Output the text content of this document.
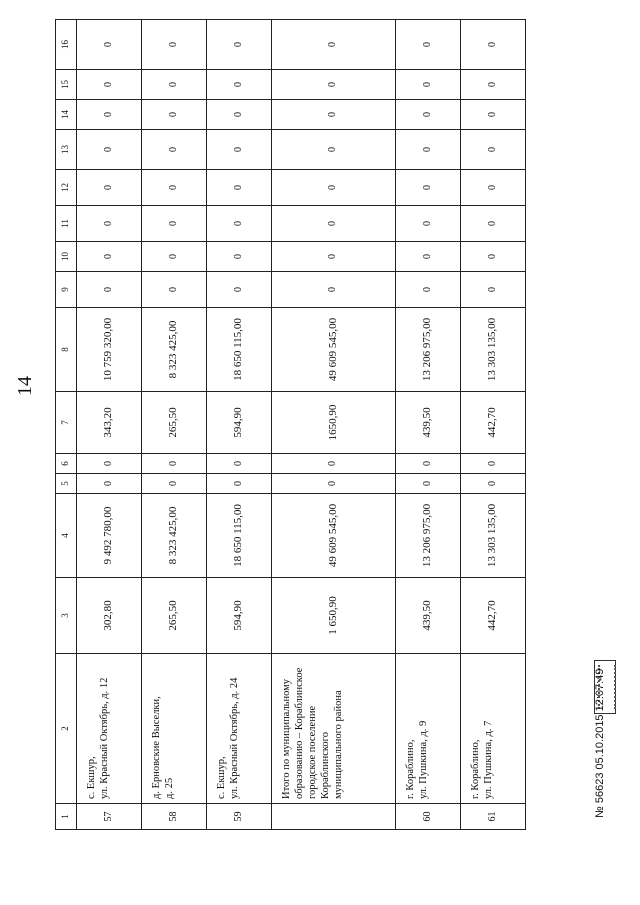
14
1	2	3	4	5	6	7	8	9	10	11	12	13	14	15	16
57	с. Екшур,
ул. Красный Октябрь, д. 12	302,80	9 492 780,00	0	0	343,20	10 759 320,00	0	0	0	0	0	0	0	0
58	д. Ерновские Выселки,
д. 25	265,50	8 323 425,00	0	0	265,50	8 323 425,00	0	0	0	0	0	0	0	0
59	с. Екшур,
ул. Красный Октябрь, д. 24	594,90	18 650 115,00	0	0	594,90	18 650 115,00	0	0	0	0	0	0	0	0
	Итого по муниципальному образованию – Кораблинское городское поселение Кораблинского муниципального района	1 650,90	49 609 545,00	0	0	1650,90	49 609 545,00	0	0	0	0	0	0	0	0
60	г. Кораблино,
ул. Пушкина, д. 9	439,50	13 206 975,00	0	0	439,50	13 206 975,00	0	0	0	0	0	0	0	0
61	г. Кораблино,
ул. Пушкина, д. 7	442,70	13 303 135,00	0	0	442,70	13 303 135,00	0	0	0	0	0	0	0	0
№ 56623 05.10.2015 12:07:49
